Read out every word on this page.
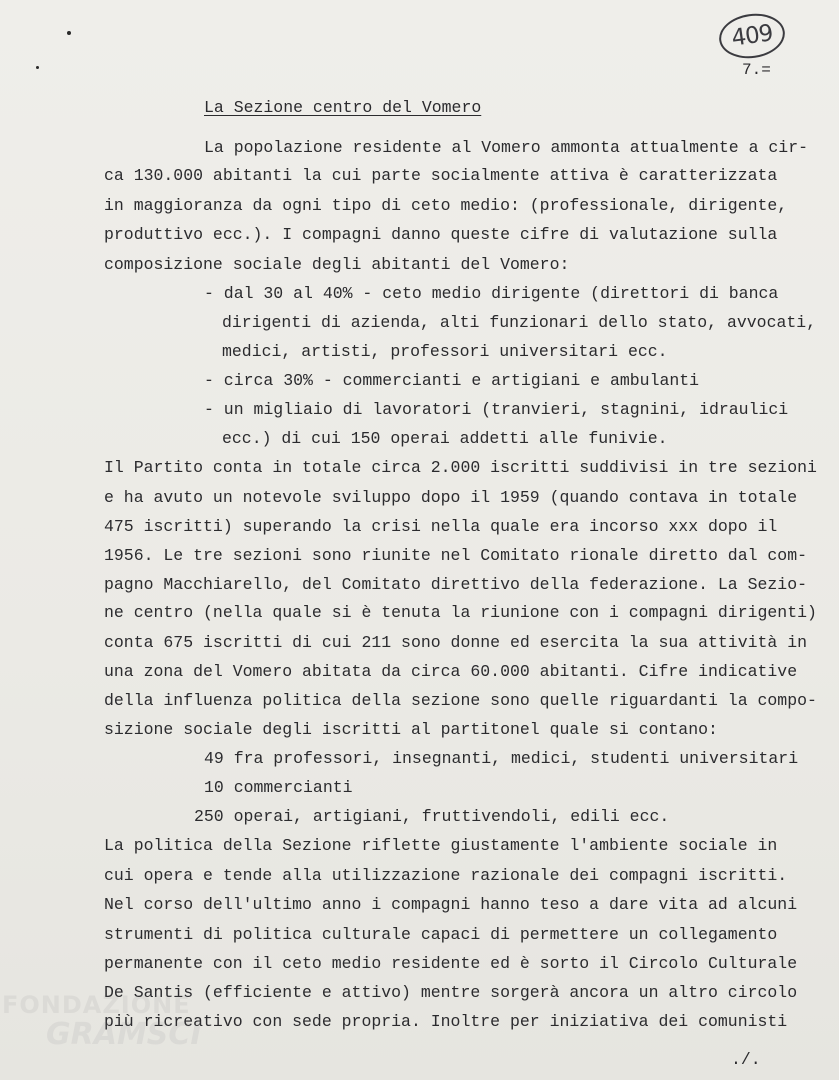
409
7.=
La Sezione centro del Vomero
La popolazione residente al Vomero ammonta attualmente a cir-
ca 130.000 abitanti la cui parte socialmente attiva è caratterizzata
in maggioranza da ogni tipo di ceto medio: (professionale, dirigente,
produttivo ecc.). I compagni danno queste cifre di valutazione sulla
composizione sociale degli abitanti del Vomero:
- dal 30 al 40% - ceto medio dirigente (direttori di banca
dirigenti di azienda, alti funzionari dello stato, avvocati,
medici, artisti, professori universitari ecc.
- circa 30% - commercianti e artigiani e ambulanti
- un migliaio di lavoratori (tranvieri, stagnini, idraulici
ecc.) di cui 150 operai addetti alle funivie.
Il Partito conta in totale circa 2.000 iscritti suddivisi in tre sezioni
e ha avuto un notevole sviluppo dopo il 1959 (quando contava in totale
475 iscritti) superando la crisi nella quale era incorso xxx dopo il
1956. Le tre sezioni sono riunite nel Comitato rionale diretto dal com-
pagno Macchiarello, del Comitato direttivo della federazione. La Sezio-
ne centro (nella quale si è tenuta la riunione con i compagni dirigenti)
conta 675 iscritti di cui 211 sono donne ed esercita la sua attività in
una zona del Vomero abitata da circa 60.000 abitanti. Cifre indicative
della influenza politica della sezione sono quelle riguardanti la compo-
sizione sociale degli iscritti al partitonel quale si contano:
49 fra professori, insegnanti, medici, studenti universitari
10 commercianti
250 operai, artigiani, fruttivendoli, edili ecc.
La politica della Sezione riflette giustamente l'ambiente sociale in
cui opera e tende alla utilizzazione razionale dei compagni iscritti.
Nel corso dell'ultimo anno i compagni hanno teso a dare vita ad alcuni
strumenti di politica culturale capaci di permettere un collegamento
permanente con il ceto medio residente ed è sorto il Circolo Culturale
De Santis (efficiente e attivo) mentre sorgerà ancora un altro circolo
più ricreativo con sede propria. Inoltre per iniziativa dei comunisti
FONDAZIONE
GRAMSCI
./.
